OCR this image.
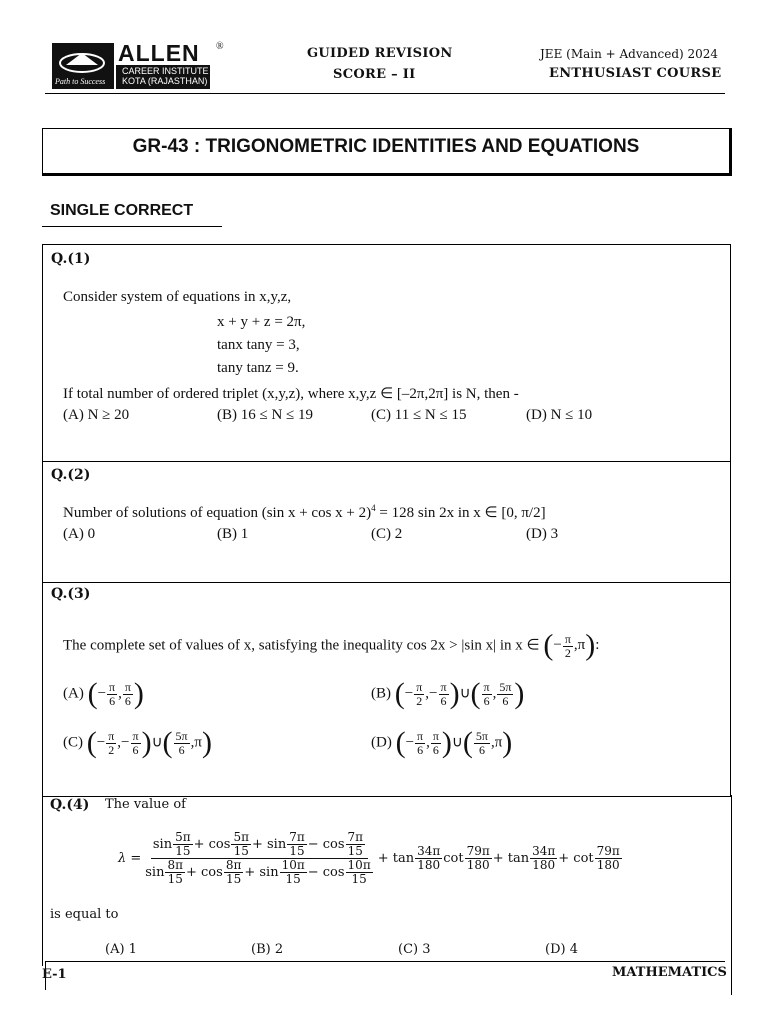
ALLEN ®
CAREER INSTITUTE
KOTA (RAJASTHAN)
Path to Success
GUIDED REVISION
SCORE – II
JEE (Main + Advanced) 2024
ENTHUSIAST COURSE
GR-43 : TRIGONOMETRIC IDENTITIES AND EQUATIONS
SINGLE CORRECT
Q.(1)
Consider system of equations in x,y,z,
x + y + z = 2π,
tanx tany = 3,
tany tanz = 9.
If total number of ordered triplet (x,y,z), where x,y,z ∈ [–2π,2π] is N, then -
(A) N ≥ 20	(B) 16 ≤ N ≤ 19	(C) 11 ≤ N ≤ 15	(D) N ≤ 10
Q.(2)
Number of solutions of equation (sin x + cos x + 2)$^4$ = 128 sin 2x in x ∈ [0, π/2]
(A) 0	(B) 1	(C) 2	(D) 3
Q.(3)
The complete set of values of x, satisfying the inequality cos 2x > |sin x| in x ∈ (− $\frac{\pi}{2} ,\pi$):
(A) (− $\frac{\pi}{6}$ , $\frac{\pi}{6}$ )	(B) (− $\frac{\pi}{2}$ ,− $\frac{\pi}{6}$ )∪( $\frac{\pi}{6}$ , $\frac{5\pi}{6}$ )
(C) (− $\frac{\pi}{2}$ ,− $\frac{\pi}{6}$ )∪( $\frac{5\pi}{6} ,\pi$)	(D) (− $\frac{\pi}{6}$ , $\frac{\pi}{6}$ )∪( $\frac{5\pi}{6} ,\pi$)
Q.(4) The value of
$\lambda = \frac{\sin \frac{5\pi}{15} + \cos \frac{5\pi}{15} + \sin \frac{7\pi}{15} - \cos \frac{7\pi}{15}}{\sin \frac{8\pi}{15} + \cos \frac{8\pi}{15} + \sin \frac{10\pi}{15} - \cos \frac{10\pi}{15}} + \tan \frac{34\pi}{180}$ $\cot \frac{79\pi}{180} + \tan \frac{34\pi}{180} + \cot \frac{79\pi}{180}$
is equal to
(A) 1	(B) 2	(C) 3	(D) 4
E-1	MATHEMATICS
